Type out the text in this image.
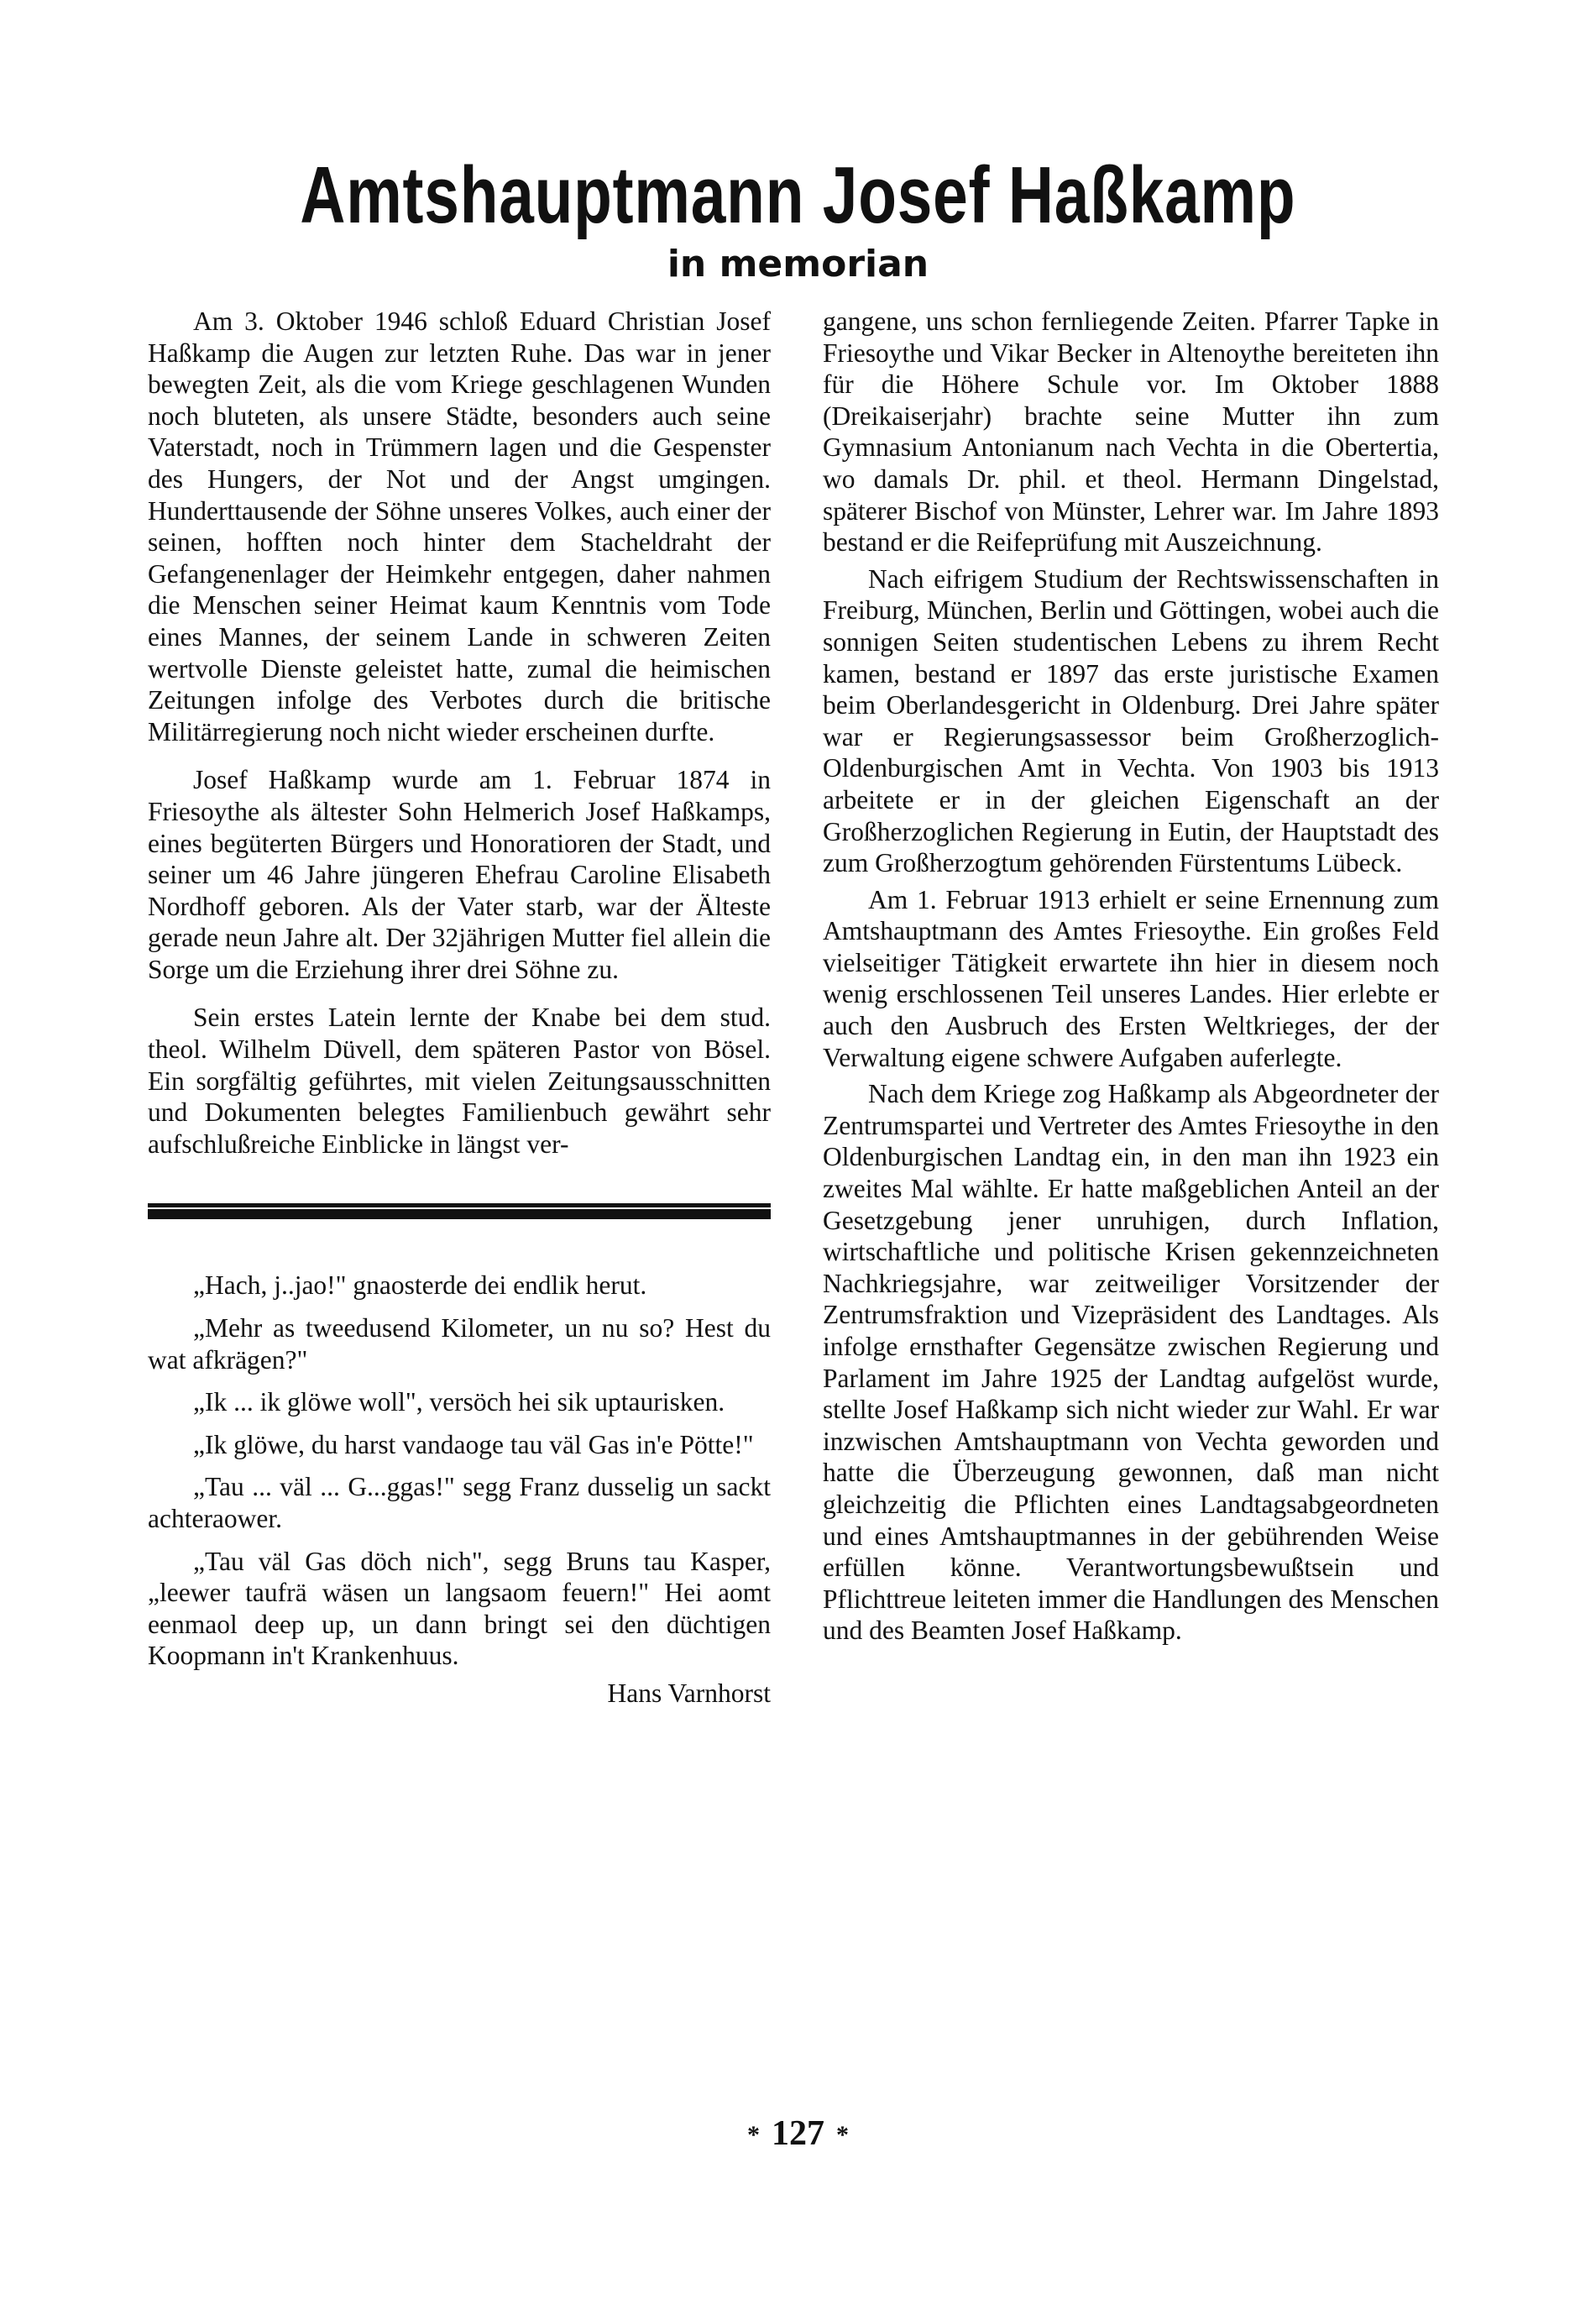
Amtshauptmann Josef Haßkamp
in memorian

Am 3. Oktober 1946 schloß Eduard Christian Josef Haßkamp die Augen zur letzten Ruhe. Das war in jener bewegten Zeit, als die vom Kriege geschlagenen Wunden noch bluteten, als unsere Städte, besonders auch seine Vaterstadt, noch in Trümmern lagen und die Gespenster des Hungers, der Not und der Angst umgingen. Hunderttausende der Söhne unseres Volkes, auch einer der seinen, hofften noch hinter dem Stacheldraht der Gefangenenlager der Heimkehr entgegen, daher nahmen die Menschen seiner Heimat kaum Kenntnis vom Tode eines Mannes, der seinem Lande in schweren Zeiten wertvolle Dienste geleistet hatte, zumal die heimischen Zeitungen infolge des Verbotes durch die britische Militärregierung noch nicht wieder erscheinen durfte.

Josef Haßkamp wurde am 1. Februar 1874 in Friesoythe als ältester Sohn Helmerich Josef Haßkamps, eines begüterten Bürgers und Honoratioren der Stadt, und seiner um 46 Jahre jüngeren Ehefrau Caroline Elisabeth Nordhoff geboren. Als der Vater starb, war der Älteste gerade neun Jahre alt. Der 32jährigen Mutter fiel allein die Sorge um die Erziehung ihrer drei Söhne zu.

Sein erstes Latein lernte der Knabe bei dem stud. theol. Wilhelm Düvell, dem späteren Pastor von Bösel. Ein sorgfältig geführtes, mit vielen Zeitungsausschnitten und Dokumenten belegtes Familienbuch gewährt sehr aufschlußreiche Einblicke in längst ver-

„Hach, j..jao!" gnaosterde dei endlik herut.

„Mehr as tweedusend Kilometer, un nu so? Hest du wat afkrägen?"

„Ik ... ik glöwe woll", versöch hei sik uptaurisken.

„Ik glöwe, du harst vandaoge tau väl Gas in'e Pötte!"

„Tau ... väl ... G...ggas!" segg Franz dusselig un sackt achteraower.

„Tau väl Gas döch nich", segg Bruns tau Kasper, „leewer taufrä wäsen un langsaom feuern!" Hei aomt eenmaol deep up, un dann bringt sei den düchtigen Koopmann in't Krankenhuus.

Hans Varnhorst

gangene, uns schon fernliegende Zeiten. Pfarrer Tapke in Friesoythe und Vikar Becker in Altenoythe bereiteten ihn für die Höhere Schule vor. Im Oktober 1888 (Dreikaiserjahr) brachte seine Mutter ihn zum Gymnasium Antonianum nach Vechta in die Obertertia, wo damals Dr. phil. et theol. Hermann Dingelstad, späterer Bischof von Münster, Lehrer war. Im Jahre 1893 bestand er die Reifeprüfung mit Auszeichnung.

Nach eifrigem Studium der Rechtswissenschaften in Freiburg, München, Berlin und Göttingen, wobei auch die sonnigen Seiten studentischen Lebens zu ihrem Recht kamen, bestand er 1897 das erste juristische Examen beim Oberlandesgericht in Oldenburg. Drei Jahre später war er Regierungsassessor beim Großherzoglich-Oldenburgischen Amt in Vechta. Von 1903 bis 1913 arbeitete er in der gleichen Eigenschaft an der Großherzoglichen Regierung in Eutin, der Hauptstadt des zum Großherzogtum gehörenden Fürstentums Lübeck.

Am 1. Februar 1913 erhielt er seine Ernennung zum Amtshauptmann des Amtes Friesoythe. Ein großes Feld vielseitiger Tätigkeit erwartete ihn hier in diesem noch wenig erschlossenen Teil unseres Landes. Hier erlebte er auch den Ausbruch des Ersten Weltkrieges, der der Verwaltung eigene schwere Aufgaben auferlegte.

Nach dem Kriege zog Haßkamp als Abgeordneter der Zentrumspartei und Vertreter des Amtes Friesoythe in den Oldenburgischen Landtag ein, in den man ihn 1923 ein zweites Mal wählte. Er hatte maßgeblichen Anteil an der Gesetzgebung jener unruhigen, durch Inflation, wirtschaftliche und politische Krisen gekennzeichneten Nachkriegsjahre, war zeitweiliger Vorsitzender der Zentrumsfraktion und Vizepräsident des Landtages. Als infolge ernsthafter Gegensätze zwischen Regierung und Parlament im Jahre 1925 der Landtag aufgelöst wurde, stellte Josef Haßkamp sich nicht wieder zur Wahl. Er war inzwischen Amtshauptmann von Vechta geworden und hatte die Überzeugung gewonnen, daß man nicht gleichzeitig die Pflichten eines Landtagsabgeordneten und eines Amtshauptmannes in der gebührenden Weise erfüllen könne. Verantwortungsbewußtsein und Pflichttreue leiteten immer die Handlungen des Menschen und des Beamten Josef Haßkamp.

* 127 *
